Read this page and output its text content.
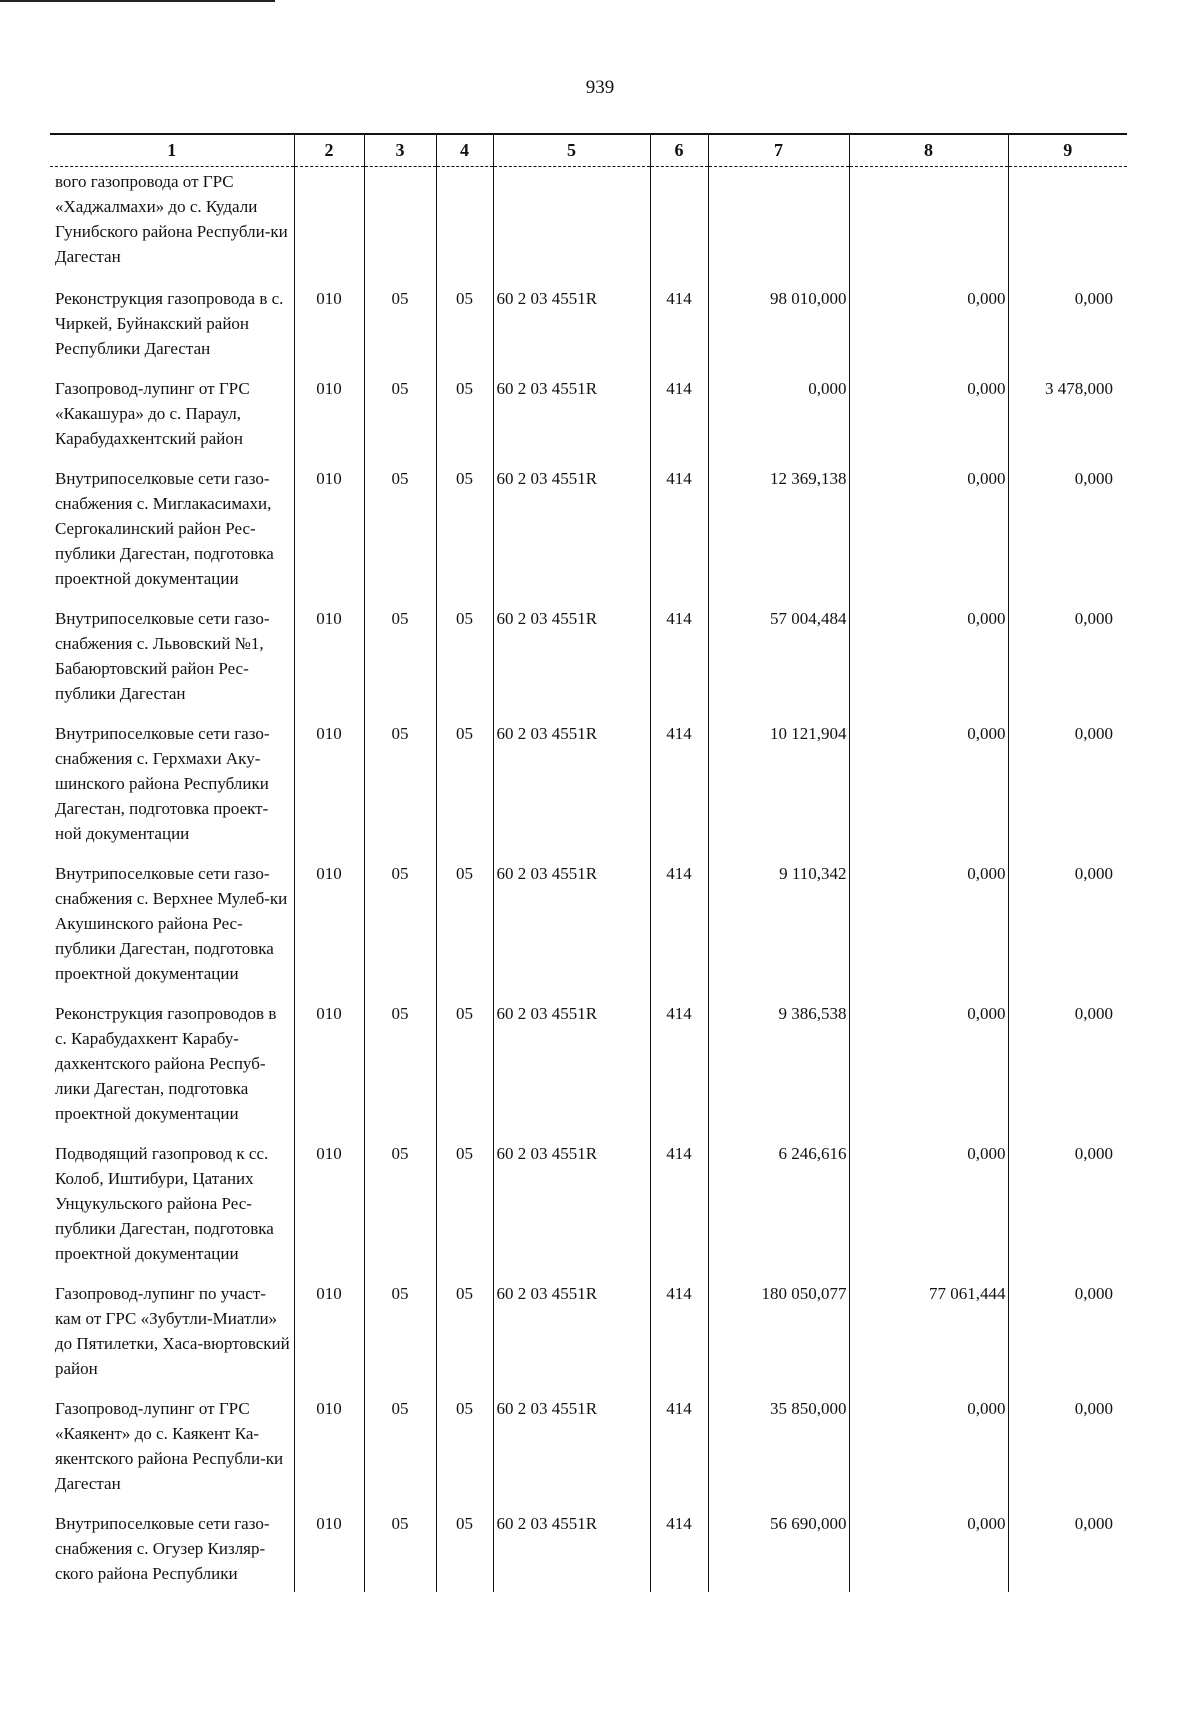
939
1	2	3	4	5	6	7	8	9
вого газопровода от ГРС «Хаджалмахи» до с. Кудали Гунибского района Республи-ки Дагестан								
Реконструкция газопровода в с. Чиркей, Буйнакский район Республики Дагестан	010	05	05	60 2 03 4551R	414	98 010,000	0,000	0,000
Газопровод-лупинг от ГРС «Какашура» до с. Параул, Карабудахкентский район	010	05	05	60 2 03 4551R	414	0,000	0,000	3 478,000
Внутрипоселковые сети газо-снабжения с. Миглакасимахи, Сергокалинский район Рес-публики Дагестан, подготовка проектной документации	010	05	05	60 2 03 4551R	414	12 369,138	0,000	0,000
Внутрипоселковые сети газо-снабжения с. Львовский №1, Бабаюртовский район Рес-публики Дагестан	010	05	05	60 2 03 4551R	414	57 004,484	0,000	0,000
Внутрипоселковые сети газо-снабжения с. Герхмахи Аку-шинского района Республики Дагестан, подготовка проект-ной документации	010	05	05	60 2 03 4551R	414	10 121,904	0,000	0,000
Внутрипоселковые сети газо-снабжения с. Верхнее Мулеб-ки Акушинского района Рес-публики Дагестан, подготовка проектной документации	010	05	05	60 2 03 4551R	414	9 110,342	0,000	0,000
Реконструкция газопроводов в с. Карабудахкент Карабу-дахкентского района Респуб-лики Дагестан, подготовка проектной документации	010	05	05	60 2 03 4551R	414	9 386,538	0,000	0,000
Подводящий газопровод к сс. Колоб, Иштибури, Цатаних Унцукульского района Рес-публики Дагестан, подготовка проектной документации	010	05	05	60 2 03 4551R	414	6 246,616	0,000	0,000
Газопровод-лупинг по участ-кам от ГРС «Зубутли-Миатли» до Пятилетки, Хаса-вюртовский район	010	05	05	60 2 03 4551R	414	180 050,077	77 061,444	0,000
Газопровод-лупинг от ГРС «Каякент» до с. Каякент Ка-якентского района Республи-ки Дагестан	010	05	05	60 2 03 4551R	414	35 850,000	0,000	0,000
Внутрипоселковые сети газо-снабжения с. Огузер Кизляр-ского района Республики	010	05	05	60 2 03 4551R	414	56 690,000	0,000	0,000
